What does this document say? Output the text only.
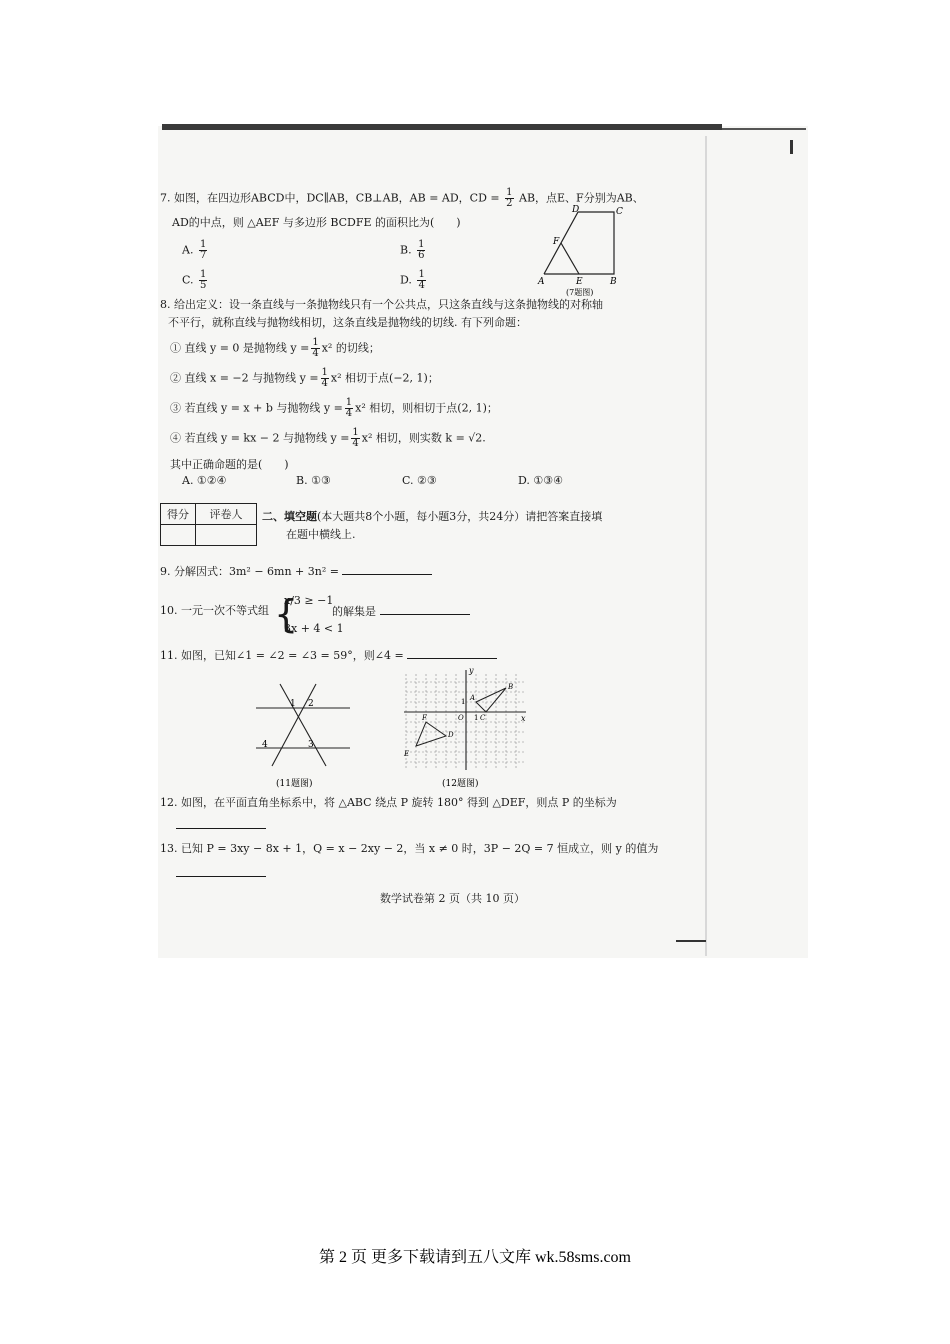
7. 如图，在四边形ABCD中，DC∥AB，CB⊥AB，AB = AD，CD = $\frac{1}{2}$ AB，点E、F分别为AB、
AD的中点，则 △AEF 与多边形 BCDFE 的面积比为(　　)
A. $\frac{1}{7}$	B. $\frac{1}{6}$
C. $\frac{1}{5}$	D. $\frac{1}{4}$
D	C
F
A	E	B
(7题图)
8. 给出定义：设一条直线与一条抛物线只有一个公共点，只这条直线与这条抛物线的对称轴
不平行，就称直线与抛物线相切，这条直线是抛物线的切线. 有下列命题：
① 直线 y = 0 是抛物线 $y = \frac{1}{4} x^2$ 的切线；
② 直线 x = −2 与抛物线 $y = \frac{1}{4} x^2$ 相切于点(−2, 1)；
③ 若直线 y = x + b 与抛物线 $y = \frac{1}{4} x^2$ 相切，则相切于点(2, 1)；
④ 若直线 y = kx − 2 与抛物线 $y = \frac{1}{4} x^2$ 相切，则实数 k = √2.
其中正确命题的是(　　)
A. ①②④	B. ①③	C. ②③	D. ①③④
得分	评卷人
	二、填空题(本大题共8个小题，每小题3分，共24分）请把答案直接填
在题中横线上.
9. 分解因式：3m² − 6mn + 3n² =
10. 一元一次不等式组 {
x/3 ≥ −1
3x + 4 < 1
的解集是
11. 如图，已知∠1 = ∠2 = ∠3 = 59°，则∠4 =
1 2
3
4
(11题图)
y
x
O
1
1
A
B
C
D
E
F
(12题图)
12. 如图，在平面直角坐标系中，将 △ABC 绕点 P 旋转 180° 得到 △DEF，则点 P 的坐标为
13. 已知 P = 3xy − 8x + 1，Q = x − 2xy − 2，当 x ≠ 0 时，3P − 2Q = 7 恒成立，则 y 的值为
数学试卷第 2 页（共 10 页）
第 2 页 更多下载请到五八文库 wk.58sms.com
